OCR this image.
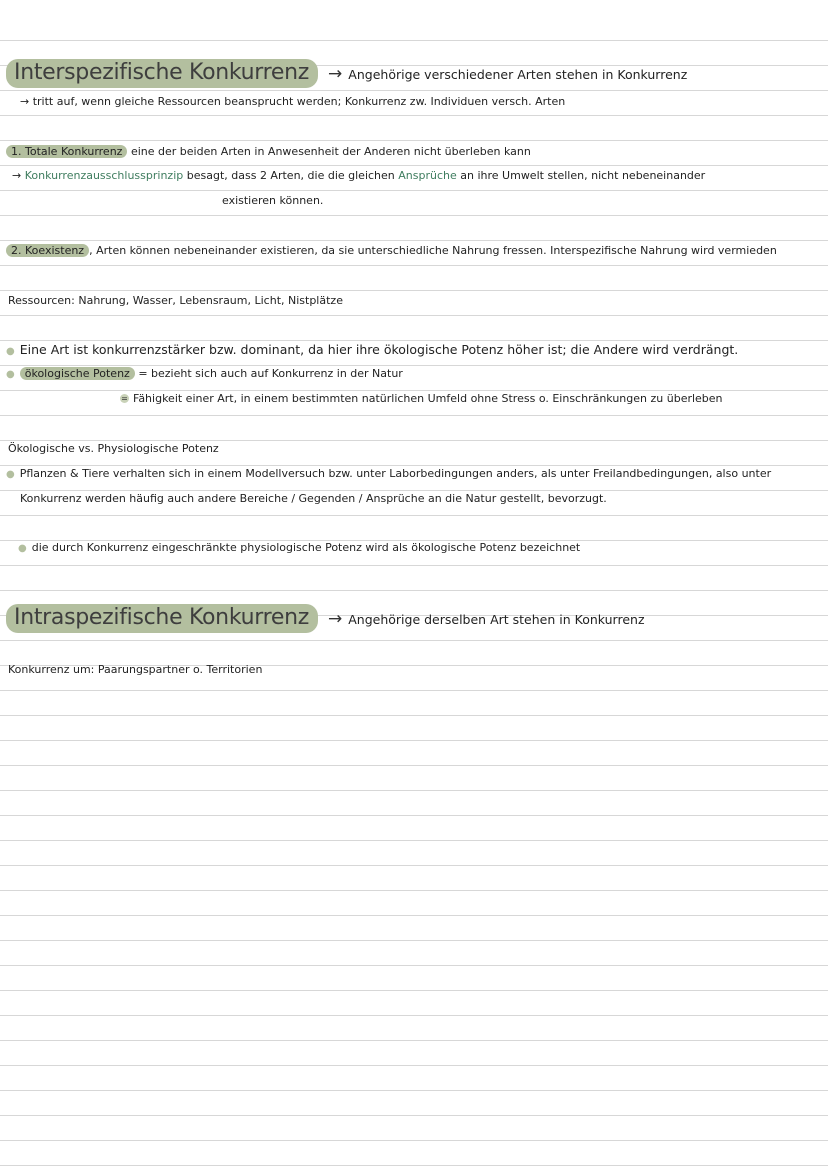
Interspezifische Konkurrenz	→ Angehörige verschiedener Arten stehen in Konkurrenz
→ tritt auf, wenn gleiche Ressourcen beansprucht werden; Konkurrenz zw. Individuen versch. Arten
1. Totale Konkurrenz eine der beiden Arten in Anwesenheit der Anderen nicht überleben kann
→ Konkurrenzausschlussprinzip besagt, dass 2 Arten, die die gleichen Ansprüche an ihre Umwelt stellen, nicht nebeneinander
existieren können.
2. Koexistenz , Arten können nebeneinander existieren, da sie unterschiedliche Nahrung fressen. Interspezifische Nahrung wird vermieden
Ressourcen: Nahrung, Wasser, Lebensraum, Licht, Nistplätze
● Eine Art ist konkurrenzstärker bzw. dominant, da hier ihre ökologische Potenz höher ist; die Andere wird verdrängt.
● ökologische Potenz = bezieht sich auch auf Konkurrenz in der Natur
= Fähigkeit einer Art, in einem bestimmten natürlichen Umfeld ohne Stress o. Einschränkungen zu überleben
Ökologische vs. Physiologische Potenz
● Pflanzen & Tiere verhalten sich in einem Modellversuch bzw. unter Laborbedingungen anders, als unter Freilandbedingungen, also unter
Konkurrenz werden häufig auch andere Bereiche / Gegenden / Ansprüche an die Natur gestellt, bevorzugt.
● die durch Konkurrenz eingeschränkte physiologische Potenz wird als ökologische Potenz bezeichnet
Intraspezifische Konkurrenz	→ Angehörige derselben Art stehen in Konkurrenz
Konkurrenz um: Paarungspartner o. Territorien
